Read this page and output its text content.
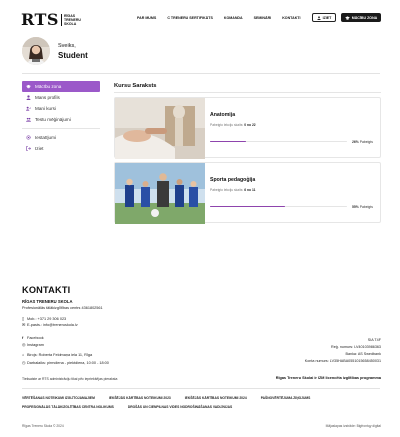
RTS	RĪGAS
TRENERU
SKOLA
PAR MUMS	C TRENERU SERTIFIKĀTS	KOMANDA	SEMINĀRI	KONTAKTI	IZIET	MĀCĪBU ZONA
Sveiks,
Student
Mācību zona
Mans profils
Mani kursi
Testu mēģinājumi
Iestatījumi
Iziet
Kursu Saraksts
Anatomija
Pabeigto lekciju skaits: 0 no 22
26% Pabeigts
Sporta pedagoģija
Pabeigto lekciju skaits: 6 no 11
55% Pabeigts
KONTAKTI
RĪGAS TRENERU SKOLA
Profesionālās tālākizglītības centrs 4361802561
▯ Mob.: +371 29 306 023
✉ E-pasts.: info@treneruskola.lv
f Facebook
◎ Instagram
⌂ Birojs: Roberta Feldmaņa iela 11, Rīga
◷ Darbalaiks: pirmdiena - piektdiena, 10:00 - 18:00
Tiešsaiste ar RTS administrāciju tikai pēc iepriekšējas pieraksta
SIA T4F
Reģ. numurs: LV40103986363
Banka: AS Swedbank
Konta numurs: LV35HABA0551015658450031
Rīgas Treneru Skolai ir IZM licencēta izglītības programma
VĒRTĒŠANAS NOTEIKUMI IZGLĪTOJAMAJIEM	IEKŠĒJĀS KĀRTĪBAS NOTEIKUMI 2023	IEKŠĒJĀS KĀRTĪBAS NOTEIKUMI 2024	PAŠNOVĒRTĒJUMA ZIŅOJUMS
PROFESIONĀLĀS TĀLĀKIZGLĪTĪBAS CENTRA NOLIKUMS	DROŠĀS UN CIENPILNAS VIDES NODROŠINĀŠANAS VADLĪNIJAS
Rīgas Treneru Skola © 2024	Mājaslapas izstrāde: Bigfrontqy digital
